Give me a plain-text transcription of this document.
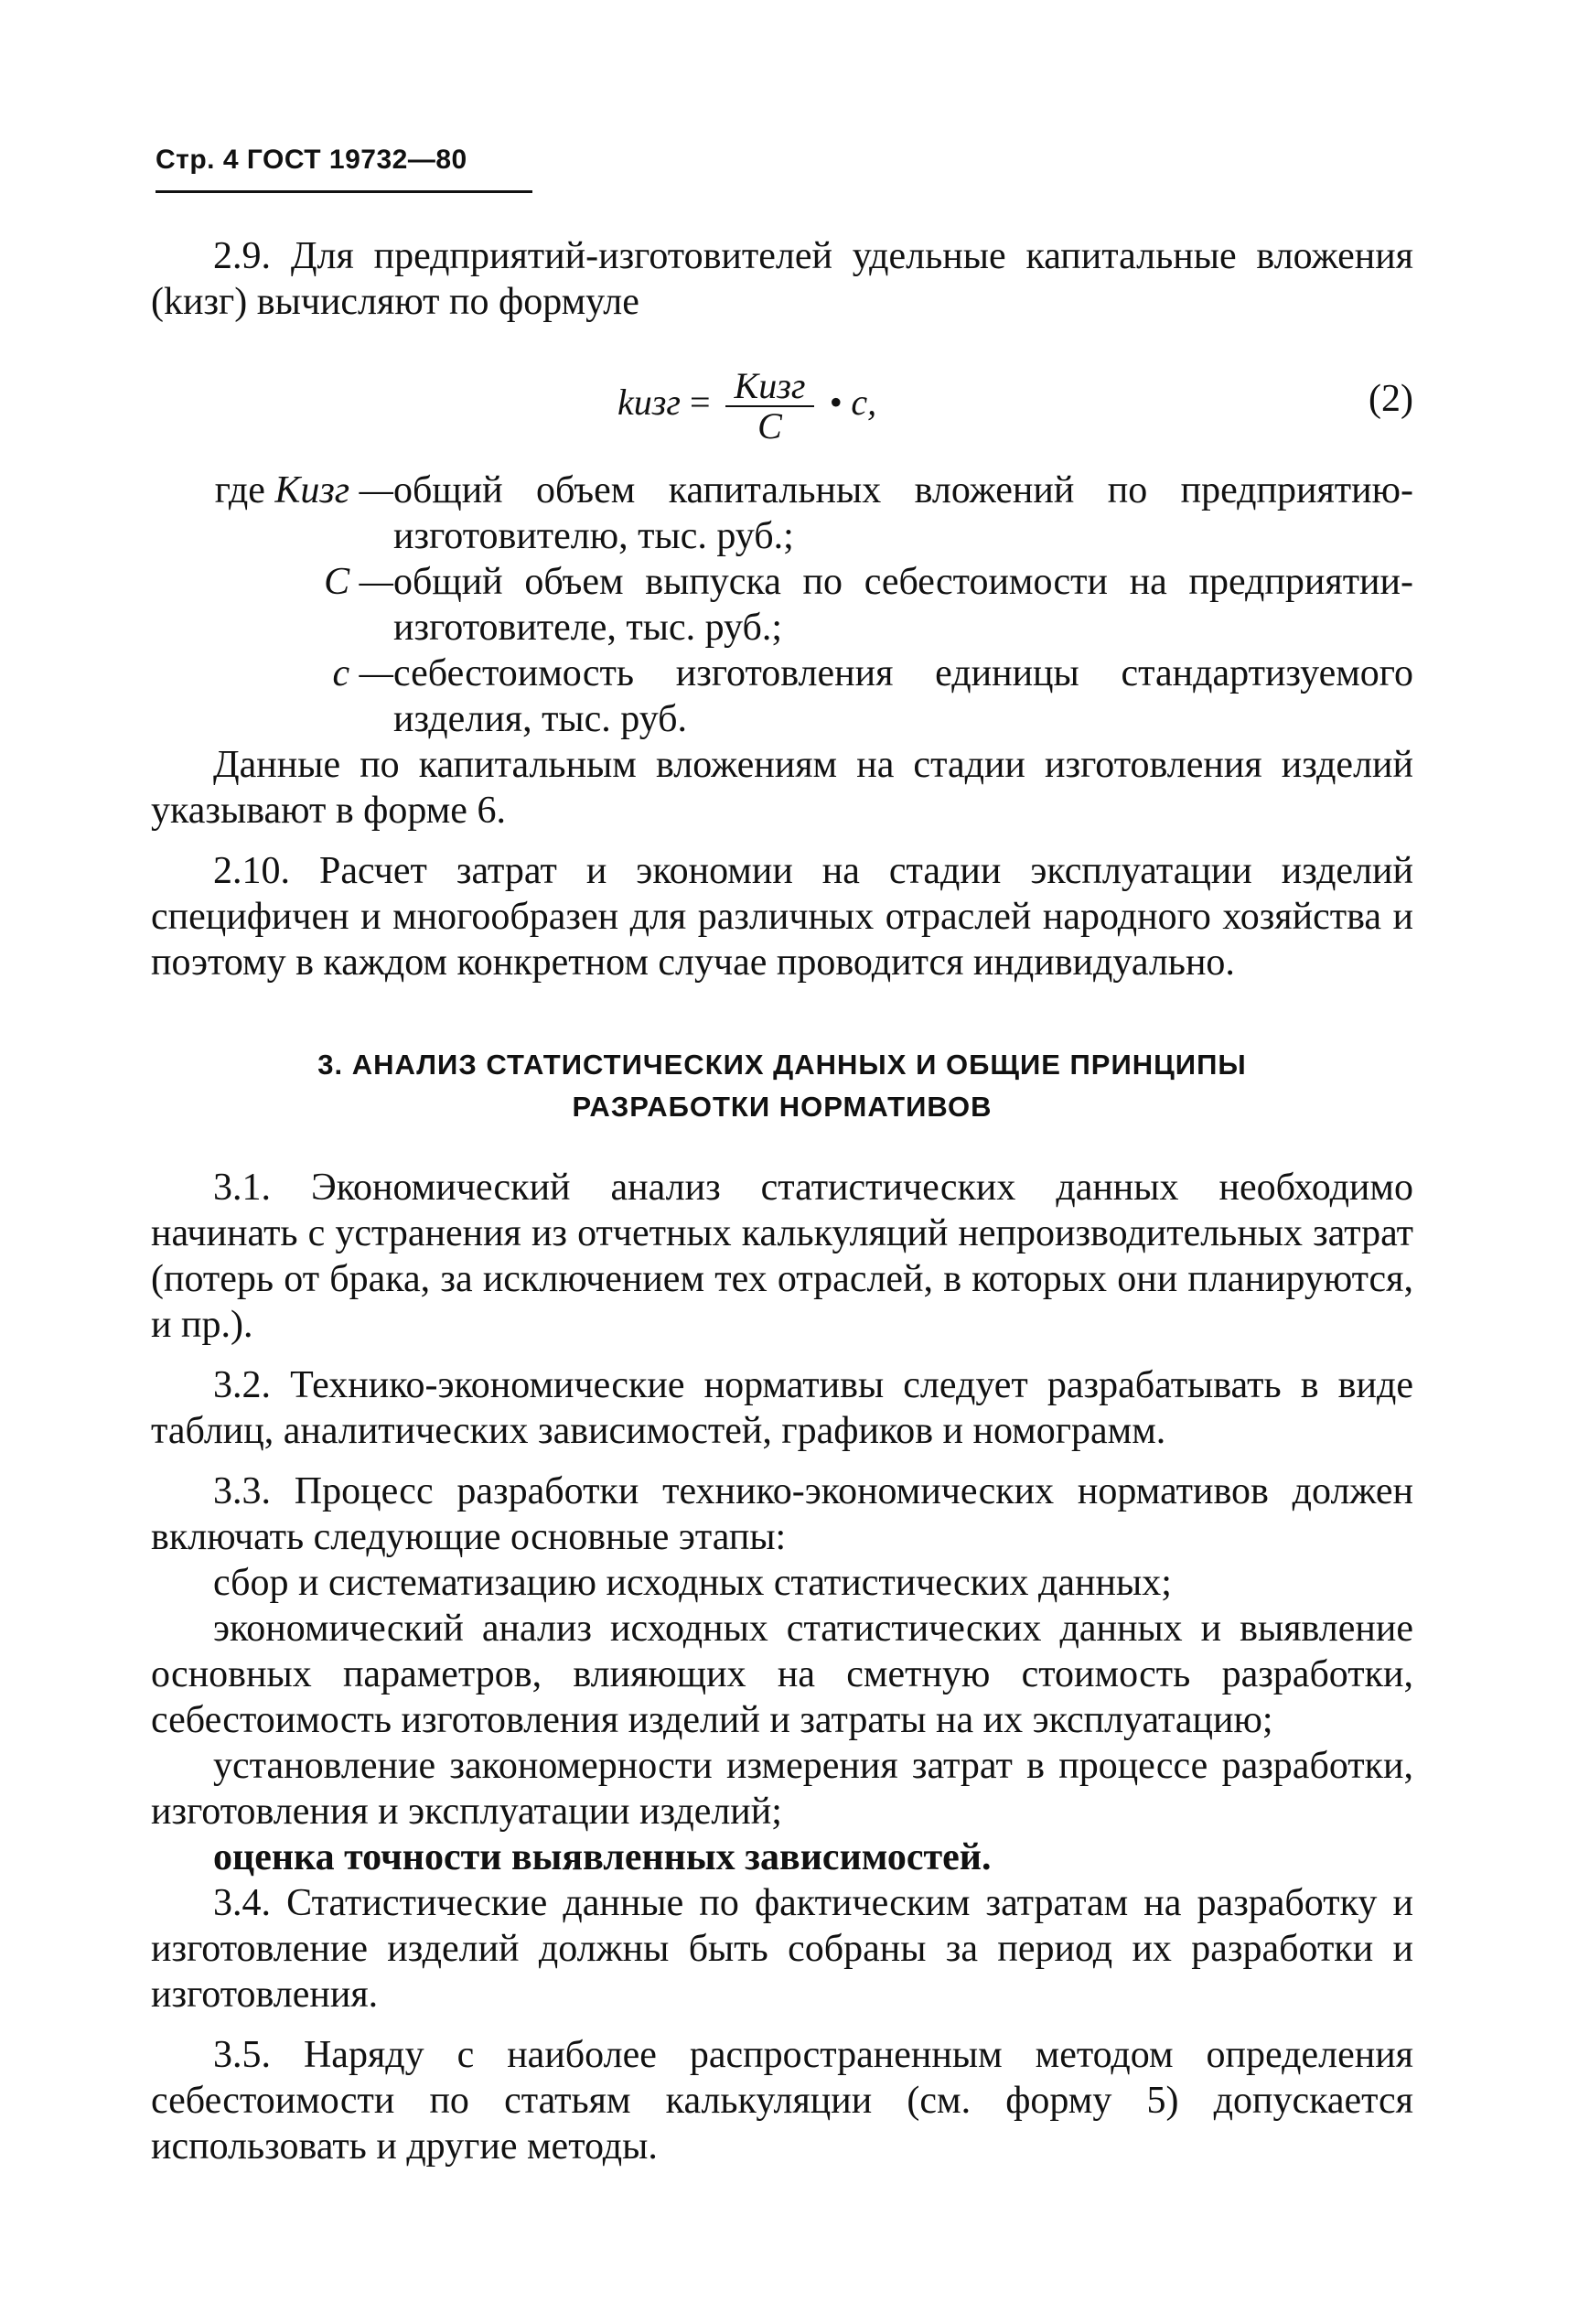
Стр. 4 ГОСТ 19732—80

2.9. Для предприятий-изготовителей удельные капитальные вложения (kизг) вычисляют по формуле

kизг = $\frac{\text{Kизг}}{C}$ • c,	(2)
где Kизг — общий объем капитальных вложений по предприятию-изготовителю, тыс. руб.;
C — общий объем выпуска по себестоимости на предприятии-изготовителе, тыс. руб.;
c — себестоимость изготовления единицы стандартизуемого изделия, тыс. руб.

Данные по капитальным вложениям на стадии изготовления изделий указывают в форме 6.

2.10. Расчет затрат и экономии на стадии эксплуатации изделий специфичен и многообразен для различных отраслей народного хозяйства и поэтому в каждом конкретном случае проводится индивидуально.

3. АНАЛИЗ СТАТИСТИЧЕСКИХ ДАННЫХ И ОБЩИЕ ПРИНЦИПЫ
РАЗРАБОТКИ НОРМАТИВОВ

3.1. Экономический анализ статистических данных необходимо начинать с устранения из отчетных калькуляций непроизводительных затрат (потерь от брака, за исключением тех отраслей, в которых они планируются, и пр.).

3.2. Технико-экономические нормативы следует разрабатывать в виде таблиц, аналитических зависимостей, графиков и номограмм.

3.3. Процесс разработки технико-экономических нормативов должен включать следующие основные этапы:

сбор и систематизацию исходных статистических данных;

экономический анализ исходных статистических данных и выявление основных параметров, влияющих на сметную стоимость разработки, себестоимость изготовления изделий и затраты на их эксплуатацию;

установление закономерности измерения затрат в процессе разработки, изготовления и эксплуатации изделий;

оценка точности выявленных зависимостей.

3.4. Статистические данные по фактическим затратам на разработку и изготовление изделий должны быть собраны за период их разработки и изготовления.

3.5. Наряду с наиболее распространенным методом определения себестоимости по статьям калькуляции (см. форму 5) допускается использовать и другие методы.
